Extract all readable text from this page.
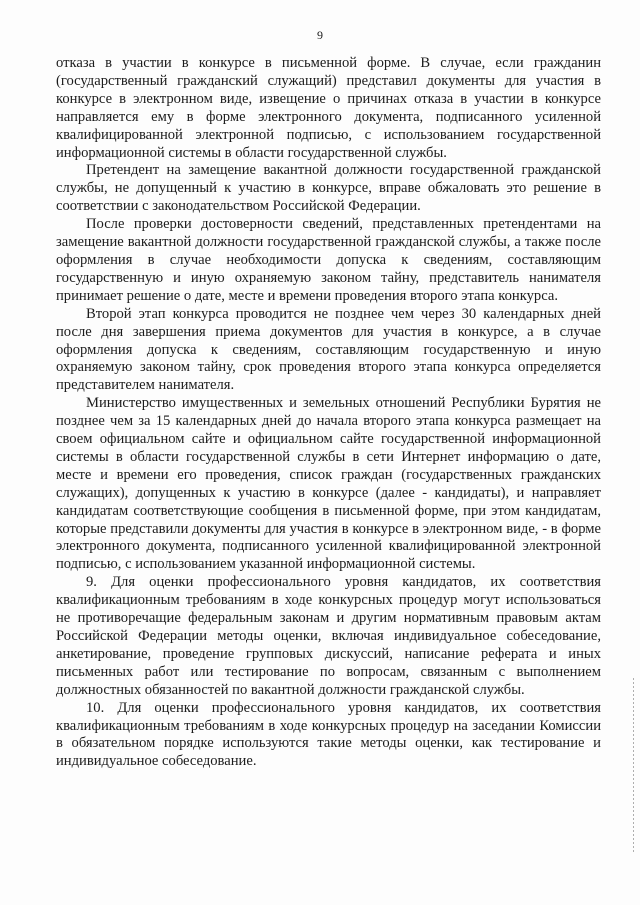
9

отказа в участии в конкурсе в письменной форме. В случае, если гражданин (государственный гражданский служащий) представил документы для участия в конкурсе в электронном виде, извещение о причинах отказа в участии в конкурсе направляется ему в форме электронного документа, подписанного усиленной квалифицированной электронной подписью, с использованием государственной информационной системы в области государственной службы.

Претендент на замещение вакантной должности государственной гражданской службы, не допущенный к участию в конкурсе, вправе обжаловать это решение в соответствии с законодательством Российской Федерации.

После проверки достоверности сведений, представленных претендентами на замещение вакантной должности государственной гражданской службы, а также после оформления в случае необходимости допуска к сведениям, составляющим государственную и иную охраняемую законом тайну, представитель нанимателя принимает решение о дате, месте и времени проведения второго этапа конкурса.

Второй этап конкурса проводится не позднее чем через 30 календарных дней после дня завершения приема документов для участия в конкурсе, а в случае оформления допуска к сведениям, составляющим государственную и иную охраняемую законом тайну, срок проведения второго этапа конкурса определяется представителем нанимателя.

Министерство имущественных и земельных отношений Республики Бурятия не позднее чем за 15 календарных дней до начала второго этапа конкурса размещает на своем официальном сайте и официальном сайте государственной информационной системы в области государственной службы в сети Интернет информацию о дате, месте и времени его проведения, список граждан (государственных гражданских служащих), допущенных к участию в конкурсе (далее - кандидаты), и направляет кандидатам соответствующие сообщения в письменной форме, при этом кандидатам, которые представили документы для участия в конкурсе в электронном виде, - в форме электронного документа, подписанного усиленной квалифицированной электронной подписью, с использованием указанной информационной системы.

9. Для оценки профессионального уровня кандидатов, их соответствия квалификационным требованиям в ходе конкурсных процедур могут использоваться не противоречащие федеральным законам и другим нормативным правовым актам Российской Федерации методы оценки, включая индивидуальное собеседование, анкетирование, проведение групповых дискуссий, написание реферата и иных письменных работ или тестирование по вопросам, связанным с выполнением должностных обязанностей по вакантной должности гражданской службы.

10. Для оценки профессионального уровня кандидатов, их соответствия квалификационным требованиям в ходе конкурсных процедур на заседании Комиссии в обязательном порядке используются такие методы оценки, как тестирование и индивидуальное собеседование.
